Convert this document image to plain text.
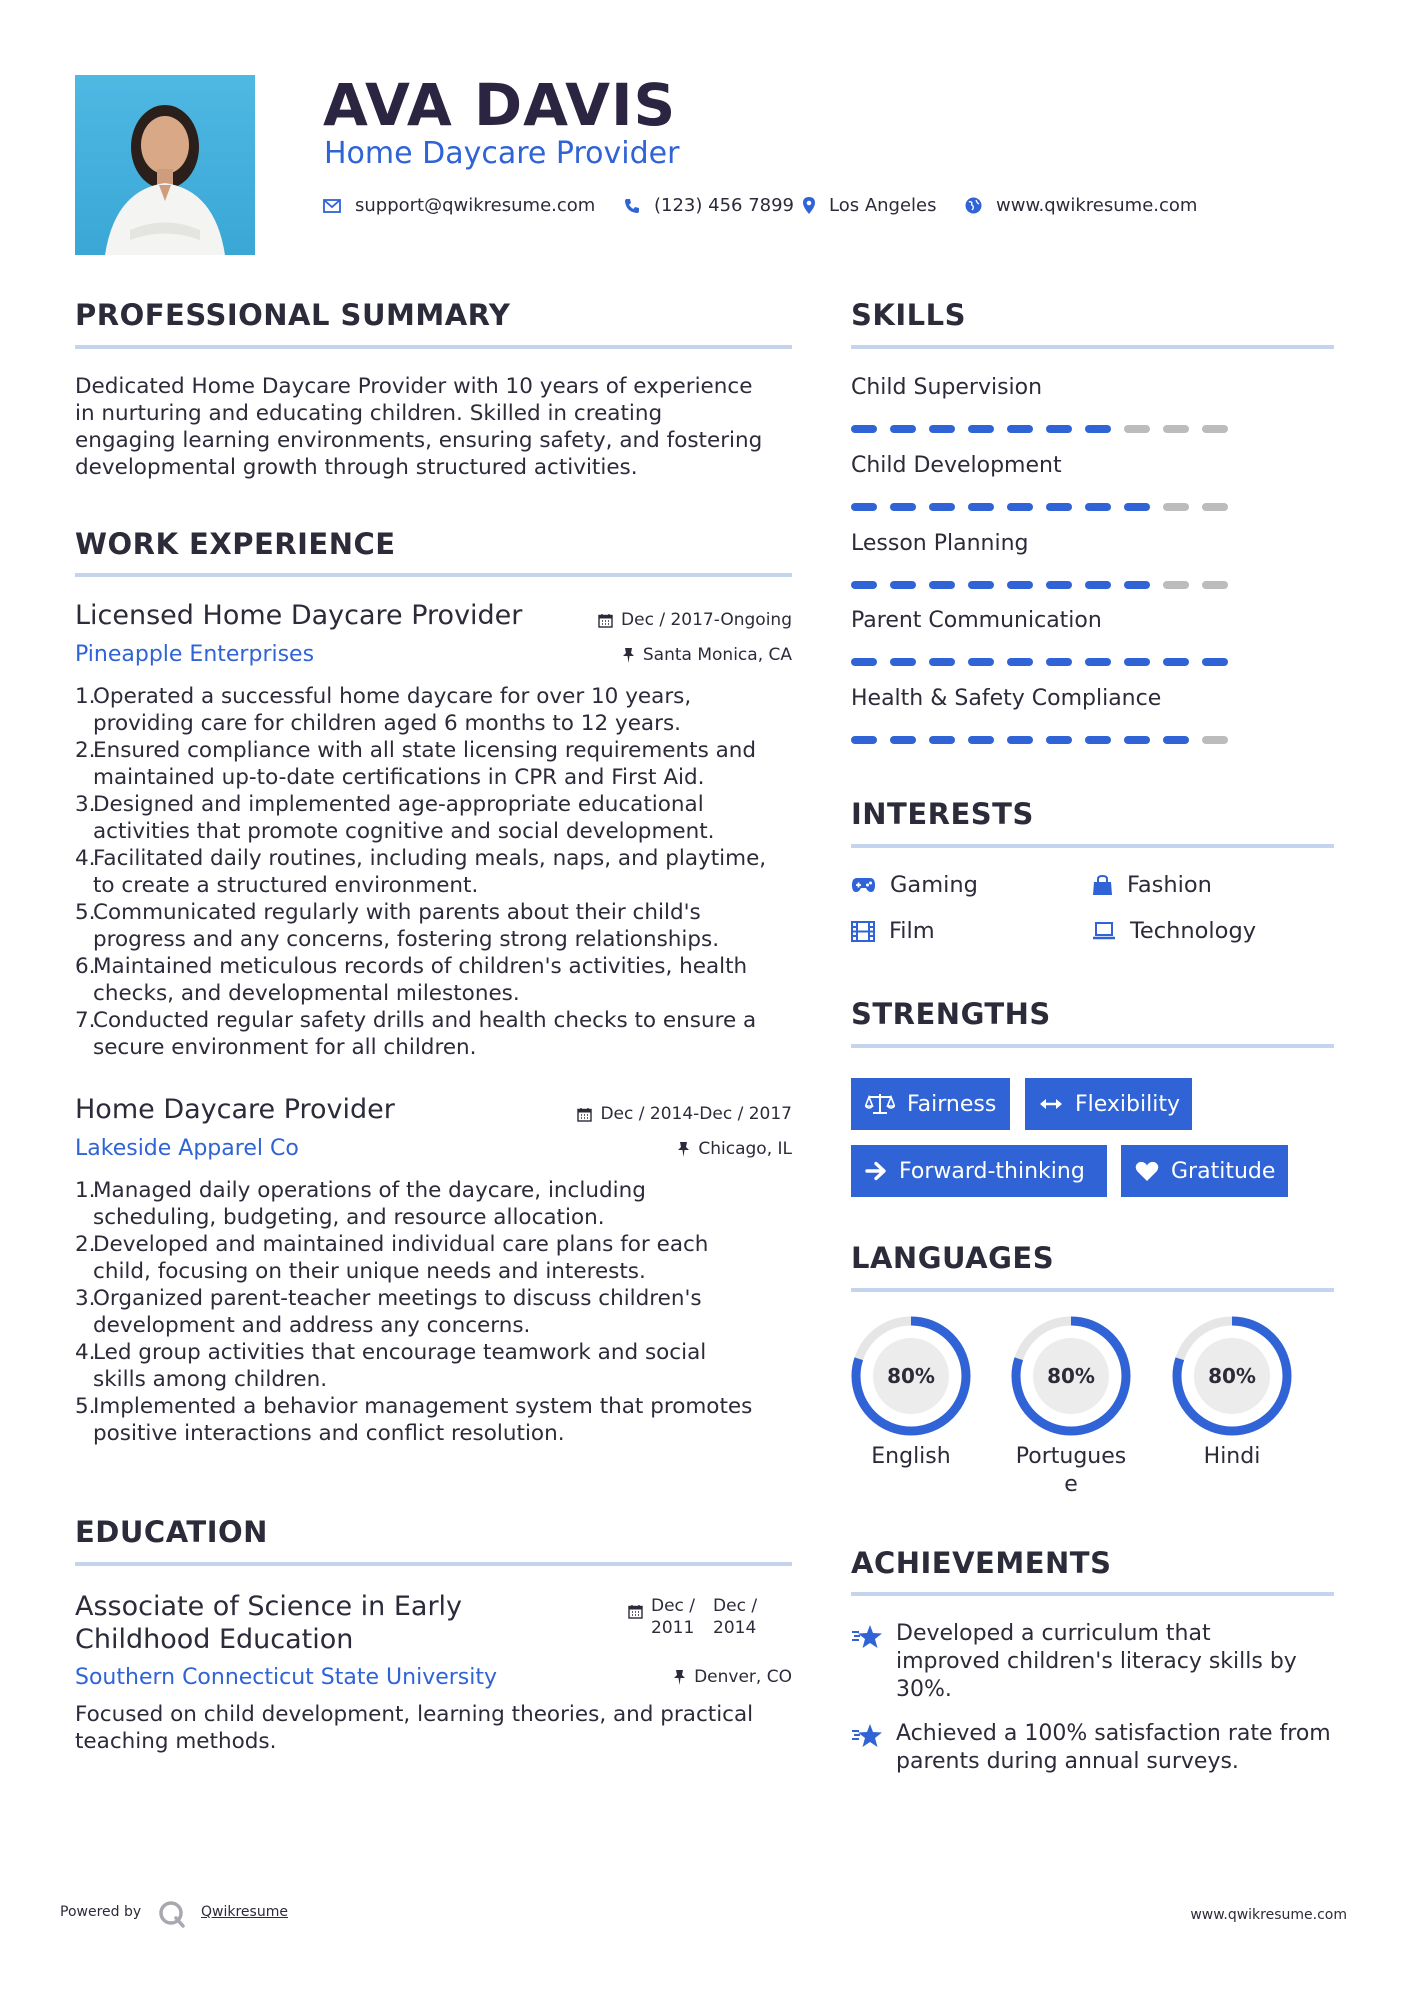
AVA DAVIS
Home Daycare Provider
support@qwikresume.com	(123) 456 7899 Los Angeles	www.qwikresume.com
PROFESSIONAL SUMMARY
Dedicated Home Daycare Provider with 10 years of experience
in nurturing and educating children. Skilled in creating
engaging learning environments, ensuring safety, and fostering
developmental growth through structured activities.
WORK EXPERIENCE
Licensed Home Daycare Provider	Dec / 2017-Ongoing
Pineapple Enterprises	Santa Monica, CA
1.
Operated a successful home daycare for over 10 years,
providing care for children aged 6 months to 12 years.
2.
Ensured compliance with all state licensing requirements and
maintained up-to-date certifications in CPR and First Aid.
3.
Designed and implemented age-appropriate educational
activities that promote cognitive and social development.
4.
Facilitated daily routines, including meals, naps, and playtime,
to create a structured environment.
5.
Communicated regularly with parents about their child's
progress and any concerns, fostering strong relationships.
6.
Maintained meticulous records of children's activities, health
checks, and developmental milestones.
7.
Conducted regular safety drills and health checks to ensure a
secure environment for all children.
Home Daycare Provider	Dec / 2014-Dec / 2017
Lakeside Apparel Co	Chicago, IL
1.
Managed daily operations of the daycare, including
scheduling, budgeting, and resource allocation.
2.
Developed and maintained individual care plans for each
child, focusing on their unique needs and interests.
3.
Organized parent-teacher meetings to discuss children's
development and address any concerns.
4.
Led group activities that encourage teamwork and social
skills among children.
5.
Implemented a behavior management system that promotes
positive interactions and conflict resolution.
EDUCATION
Associate of Science in Early
Childhood Education
Dec /
2011
Dec /
2014
Southern Connecticut State University	Denver, CO
Focused on child development, learning theories, and practical
teaching methods.
SKILLS
Child Supervision
Child Development
Lesson Planning
Parent Communication
Health & Safety Compliance
INTERESTS
Gaming	Fashion
Film	Technology
STRENGTHS
Fairness	Flexibility
Forward-thinking	Gratitude
LANGUAGES
80%
English
80%
Portuguese
80%
Hindi
ACHIEVEMENTS
Developed a curriculum that
improved children's literacy skills by
30%.
Achieved a 100% satisfaction rate from
parents during annual surveys.
Powered by	Qwikresume	www.qwikresume.com
